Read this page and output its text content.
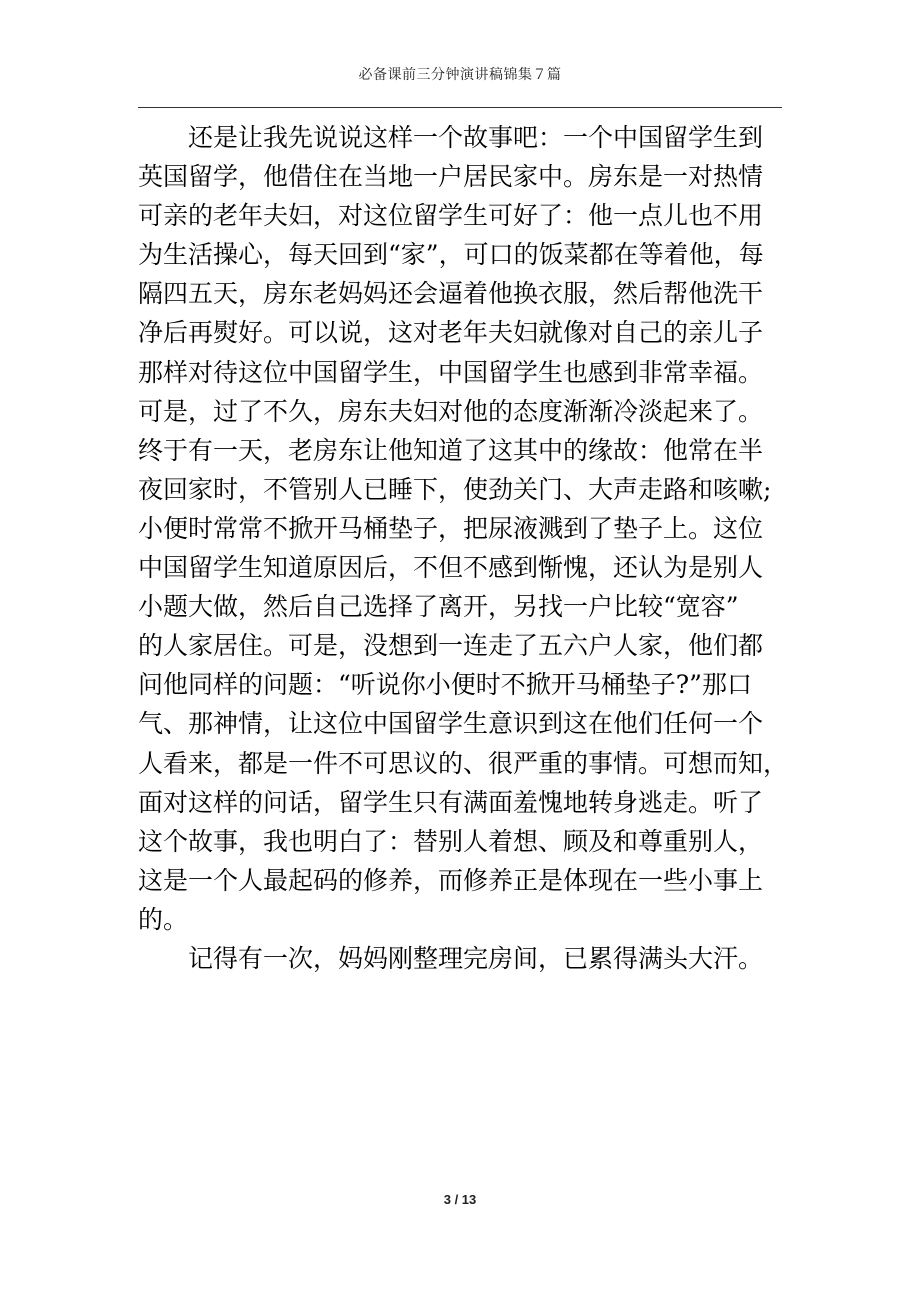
必备课前三分钟演讲稿锦集７篇
　　还是让我先说说这样一个故事吧：一个中国留学生到
英国留学，他借住在当地一户居民家中。房东是一对热情
可亲的老年夫妇，对这位留学生可好了：他一点儿也不用
为生活操心，每天回到“家”，可口的饭菜都在等着他，每
隔四五天，房东老妈妈还会逼着他换衣服，然后帮他洗干
净后再熨好。可以说，这对老年夫妇就像对自己的亲儿子
那样对待这位中国留学生，中国留学生也感到非常幸福。
可是，过了不久，房东夫妇对他的态度渐渐冷淡起来了。
终于有一天，老房东让他知道了这其中的缘故：他常在半
夜回家时，不管别人已睡下，使劲关门、大声走路和咳嗽;
小便时常常不掀开马桶垫子，把尿液溅到了垫子上。这位
中国留学生知道原因后，不但不感到惭愧，还认为是别人
小题大做，然后自己选择了离开，另找一户比较“宽容”
的人家居住。可是，没想到一连走了五六户人家，他们都
问他同样的问题：“听说你小便时不掀开马桶垫子?”那口
气、那神情，让这位中国留学生意识到这在他们任何一个
人看来，都是一件不可思议的、很严重的事情。可想而知，
面对这样的问话，留学生只有满面羞愧地转身逃走。听了
这个故事，我也明白了：替别人着想、顾及和尊重别人，
这是一个人最起码的修养，而修养正是体现在一些小事上
的。
　　记得有一次，妈妈刚整理完房间，已累得满头大汗。
3 / 13
